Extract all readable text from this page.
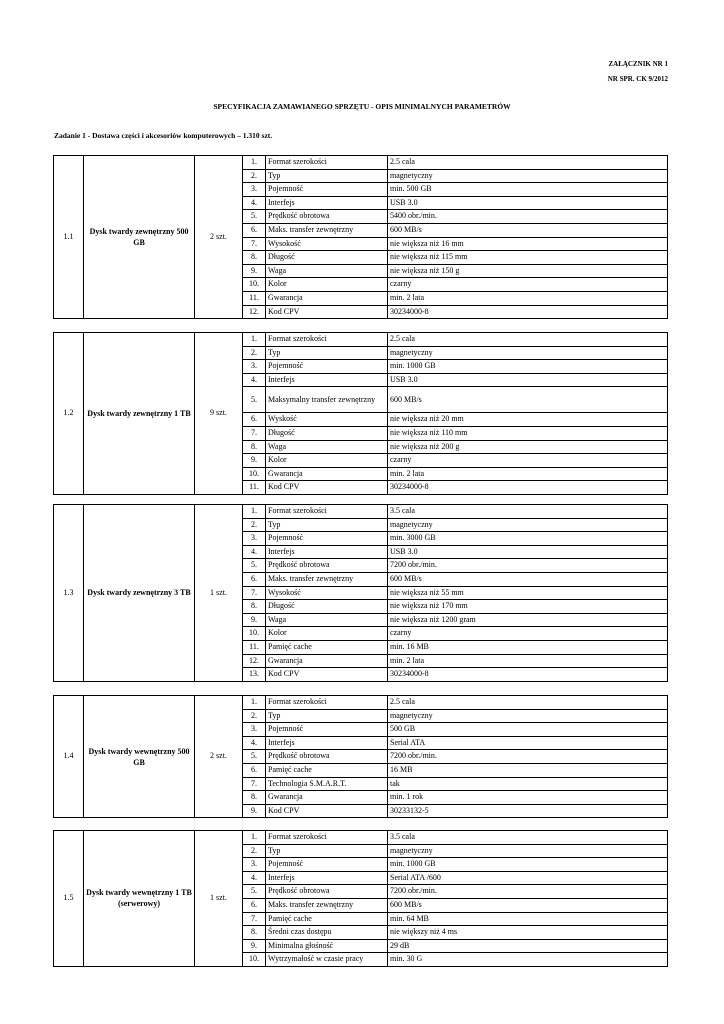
ZAŁĄCZNIK NR 1
NR SPR. CK 9/2012
SPECYFIKACJA ZAMAWIANEGO SPRZĘTU - OPIS MINIMALNYCH PARAMETRÓW
Zadanie 1 - Dostawa części i akcesoriów komputerowych – 1.310 szt.
1.1	Dysk twardy zewnętrzny 500 GB	2 szt.	1.	Format szerokości	2.5 cala
			2.	Typ	magnetyczny
			3.	Pojemność	min. 500 GB
			4.	Interfejs	USB 3.0
			5.	Prędkość obrotowa	5400 obr./min.
			6.	Maks. transfer zewnętrzny	600 MB/s
			7.	Wysokość	nie większa niż 16 mm
			8.	Długość	nie większa niż 115 mm
			9.	Waga	nie większa niż 150 g
			10.	Kolor	czarny
			11.	Gwarancja	min. 2 lata
			12.	Kod CPV	30234000-8
1.2	Dysk twardy zewnętrzny 1 TB	9 szt.	1.	Format szerokości	2.5 cala
			2.	Typ	magnetyczny
			3.	Pojemność	min. 1000 GB
			4.	Interfejs	USB 3.0
			5.	Maksymalny transfer zewnętrzny	600 MB/s
			6.	Wyskość	nie większa niż 20 mm
			7.	Długość	nie większa niż 110 mm
			8.	Waga	nie większa niż 200 g
			9.	Kolor	czarny
			10.	Gwarancja	min. 2 lata
			11.	Kod CPV	30234000-8
1.3	Dysk twardy zewnętrzny 3 TB	1 szt.	1.	Format szerokości	3.5 cala
			2.	Typ	magnetyczny
			3.	Pojemność	min. 3000 GB
			4.	Interfejs	USB 3.0
			5.	Prędkość obrotowa	7200 obr./min.
			6.	Maks. transfer zewnętrzny	600 MB/s
			7.	Wysokość	nie większa niż 55 mm
			8.	Długość	nie większa niż 170 mm
			9.	Waga	nie większa niż 1200 gram
			10.	Kolor	czarny
			11.	Pamięć cache	min. 16 MB
			12.	Gwarancja	min. 2 lata
			13.	Kod CPV	30234000-8
1.4	Dysk twardy wewnętrzny 500 GB	2 szt.	1.	Format szerokości	2.5 cala
			2.	Typ	magnetyczny
			3.	Pojemność	500 GB
			4.	Interfejs	Serial ATA
			5.	Prędkość obrotowa	7200 obr./min.
			6.	Pamięć cache	16 MB
			7.	Technologia S.M.A.R.T.	tak
			8.	Gwarancja	min. 1 rok
			9.	Kod CPV	30233132-5
1.5	Dysk twardy wewnętrzny 1 TB (serwerowy)	1 szt.	1.	Format szerokości	3.5 cala
			2.	Typ	magnetyczny
			3.	Pojemność	min. 1000 GB
			4.	Interfejs	Serial ATA /600
			5.	Prędkość obrotowa	7200 obr./min.
			6.	Maks. transfer zewnętrzny	600 MB/s
			7.	Pamięć cache	min. 64 MB
			8.	Średni czas dostępu	nie większy niż 4 ms
			9.	Minimalna głośność	29 dB
			10.	Wytrzymałość w czasie pracy	min. 30 G
